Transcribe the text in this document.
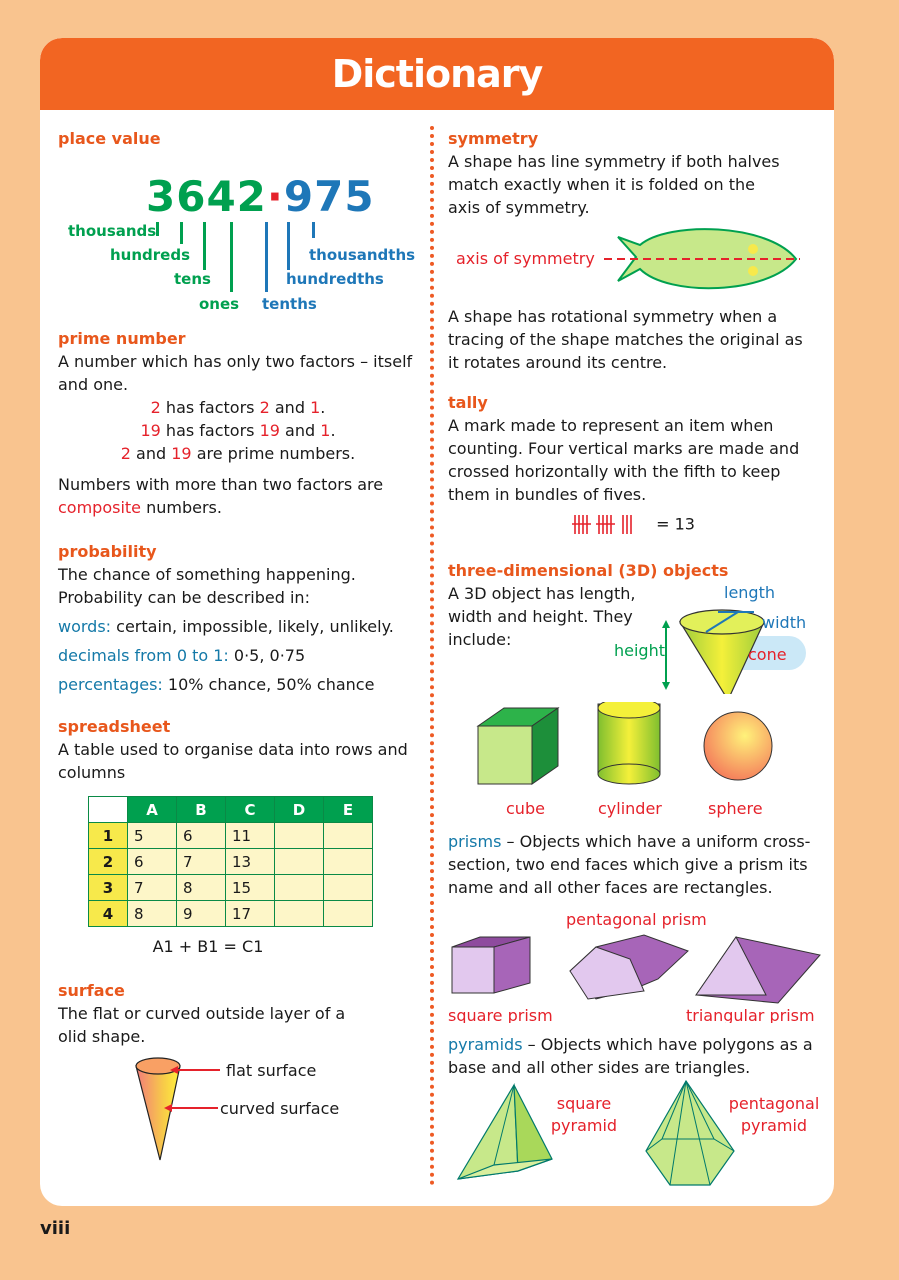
Dictionary
place value
3642·975
thousands
hundreds
tens
ones tenths
hundredths
thousandths
prime number

A number which has only two factors – itself and one.

2 has factors 2 and 1.

19 has factors 19 and 1.

2 and 19 are prime numbers.

Numbers with more than two factors are composite numbers.

probability

The chance of something happening. Probability can be described in:

words: certain, impossible, likely, unlikely.

decimals from 0 to 1: 0·5, 0·75

percentages: 10% chance, 50% chance

spreadsheet

A table used to organise data into rows and columns

	A	B	C	D	E
1	5	6	11		
2	6	7	13		
3	7	8	15		
4	8	9	17		

A1 + B1 = C1

surface

The flat or curved outside layer of a olid shape.

flat surface
curved surface
symmetry

A shape has line symmetry if both halves match exactly when it is folded on the axis of symmetry.

axis of symmetry

A shape has rotational symmetry when a tracing of the shape matches the original as it rotates around its centre.

tally

A mark made to represent an item when counting. Four vertical marks are made and crossed horizontally with the fifth to keep them in bundles of fives.

= 13
three-dimensional (3D) objects

A 3D object has length, width and height. They include:

length
width
height	cone
cube	cylinder	sphere

prisms – Objects which have a uniform cross-section, two end faces which give a prism its name and all other faces are rectangles.

pentagonal prism
square prism	triangular prism

pyramids – Objects which have polygons as a base and all other sides are triangles.

square
pyramid
pentagonal
pyramid
viii
